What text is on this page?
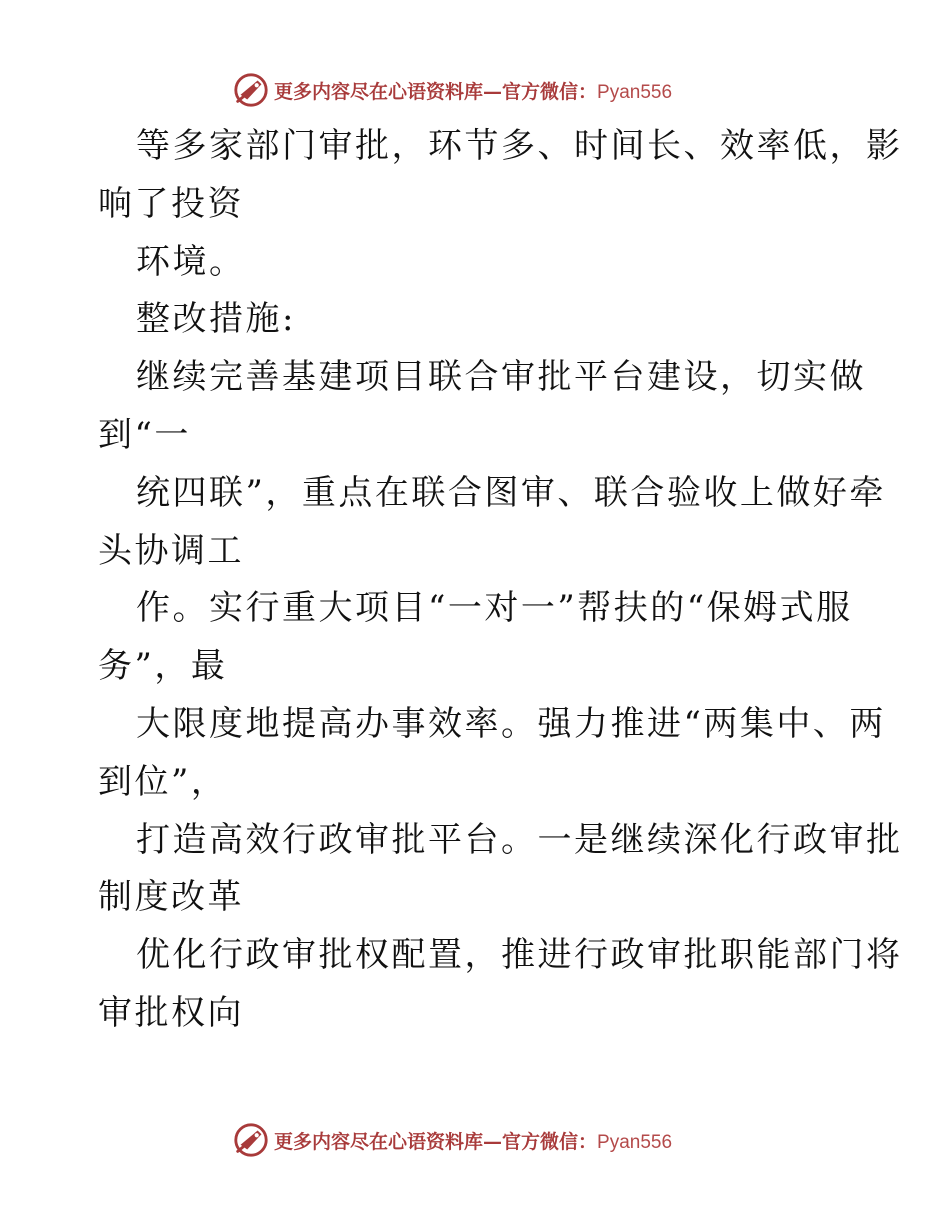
更多内容尽在心语资料库—官方微信：Pyan556
等多家部门审批，环节多、时间长、效率低，影
响了投资
环境。
整改措施:
继续完善基建项目联合审批平台建设，切实做
到“一
统四联”，重点在联合图审、联合验收上做好牵
头协调工
作。实行重大项目“一对一”帮扶的“保姆式服
务”，最
大限度地提高办事效率。强力推进“两集中、两
到位”，
打造高效行政审批平台。一是继续深化行政审批
制度改革
优化行政审批权配置，推进行政审批职能部门将
审批权向
更多内容尽在心语资料库—官方微信：Pyan556
